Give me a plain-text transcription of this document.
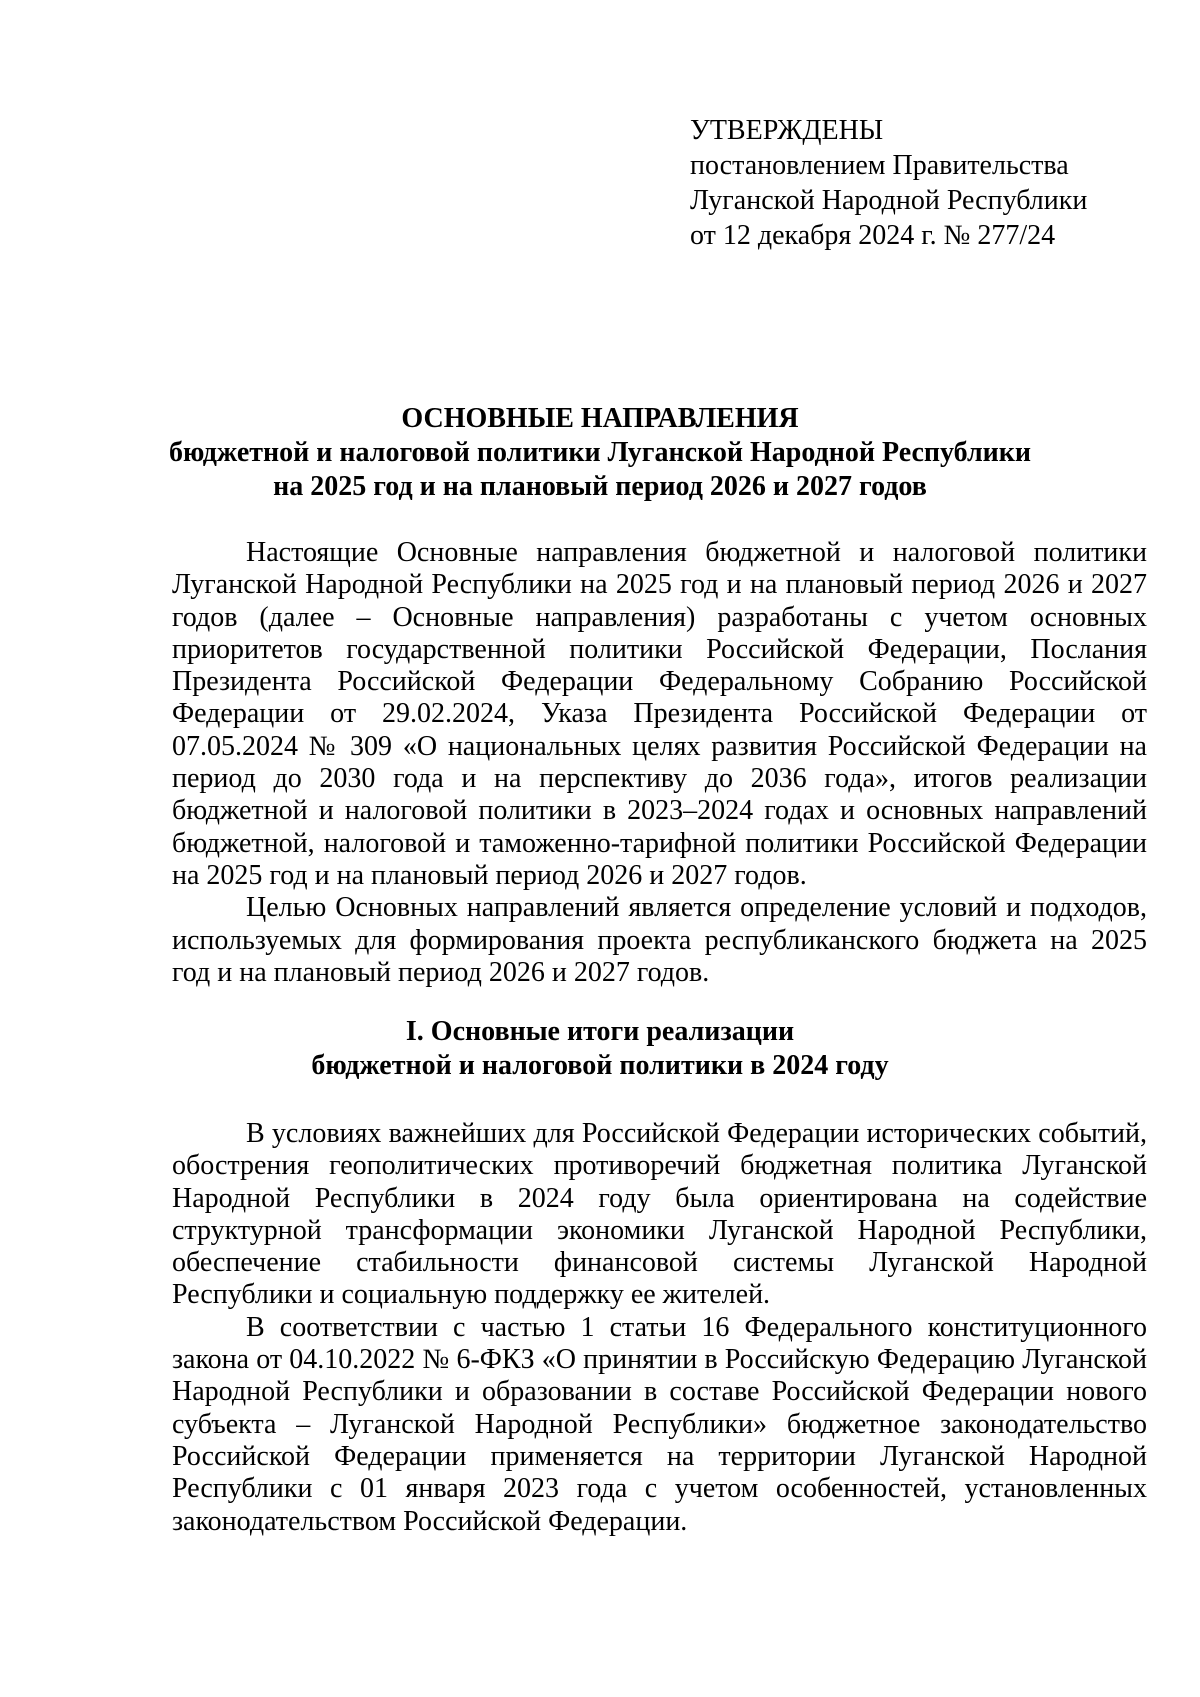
УТВЕРЖДЕНЫ
постановлением Правительства
Луганской Народной Республики
от 12 декабря 2024 г. № 277/24
ОСНОВНЫЕ НАПРАВЛЕНИЯ
бюджетной и налоговой политики Луганской Народной Республики
на 2025 год и на плановый период 2026 и 2027 годов

Настоящие Основные направления бюджетной и налоговой политики Луганской Народной Республики на 2025 год и на плановый период 2026 и 2027 годов (далее – Основные направления) разработаны с учетом основных приоритетов государственной политики Российской Федерации, Послания Президента Российской Федерации Федеральному Собранию Российской Федерации от 29.02.2024, Указа Президента Российской Федерации от 07.05.2024 № 309 «О национальных целях развития Российской Федерации на период до 2030 года и на перспективу до 2036 года», итогов реализации бюджетной и налоговой политики в 2023–2024 годах и основных направлений бюджетной, налоговой и таможенно-тарифной политики Российской Федерации на 2025 год и на плановый период 2026 и 2027 годов.

Целью Основных направлений является определение условий и подходов, используемых для формирования проекта республиканского бюджета на 2025 год и на плановый период 2026 и 2027 годов.

I. Основные итоги реализации
бюджетной и налоговой политики в 2024 году

В условиях важнейших для Российской Федерации исторических событий, обострения геополитических противоречий бюджетная политика Луганской Народной Республики в 2024 году была ориентирована на содействие структурной трансформации экономики Луганской Народной Республики, обеспечение стабильности финансовой системы Луганской Народной Республики и социальную поддержку ее жителей.

В соответствии с частью 1 статьи 16 Федерального конституционного закона от 04.10.2022 № 6-ФКЗ «О принятии в Российскую Федерацию Луганской Народной Республики и образовании в составе Российской Федерации нового субъекта – Луганской Народной Республики» бюджетное законодательство Российской Федерации применяется на территории Луганской Народной Республики с 01 января 2023 года с учетом особенностей, установленных законодательством Российской Федерации.
